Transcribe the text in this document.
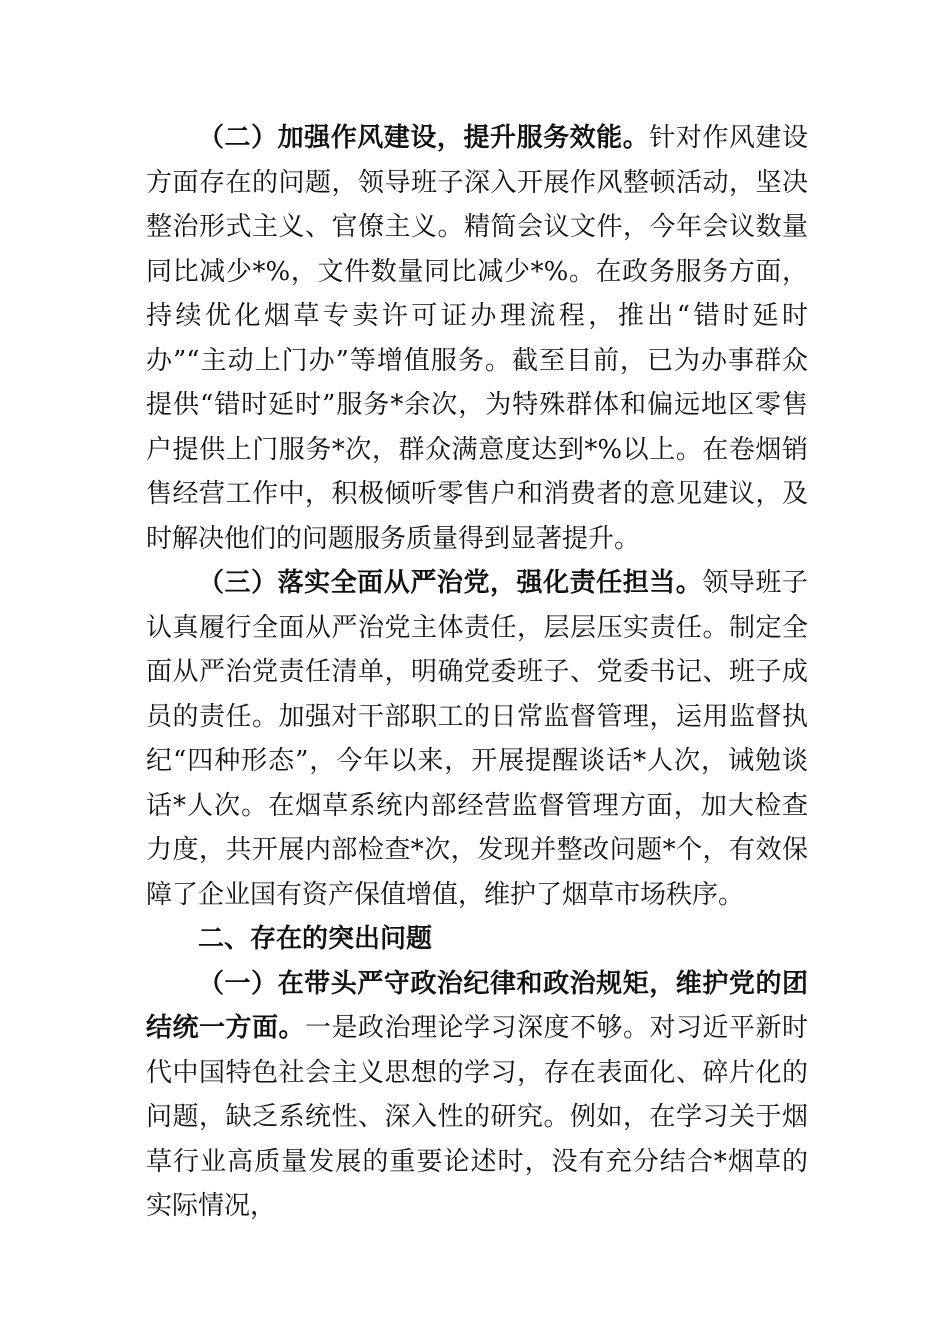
（二）加强作风建设，提升服务效能。针对作风建设方面存在的问题，领导班子深入开展作风整顿活动，坚决整治形式主义、官僚主义。精简会议文件，今年会议数量同比减少*%，文件数量同比减少*%。在政务服务方面，持续优化烟草专卖许可证办理流程，推出“错时延时办”“主动上门办”等增值服务。截至目前，已为办事群众提供“错时延时”服务*余次，为特殊群体和偏远地区零售户提供上门服务*次，群众满意度达到*%以上。在卷烟销售经营工作中，积极倾听零售户和消费者的意见建议，及时解决他们的问题服务质量得到显著提升。

（三）落实全面从严治党，强化责任担当。领导班子认真履行全面从严治党主体责任，层层压实责任。制定全面从严治党责任清单，明确党委班子、党委书记、班子成员的责任。加强对干部职工的日常监督管理，运用监督执纪“四种形态”，今年以来，开展提醒谈话*人次，诫勉谈话*人次。在烟草系统内部经营监督管理方面，加大检查力度，共开展内部检查*次，发现并整改问题*个，有效保障了企业国有资产保值增值，维护了烟草市场秩序。

二、存在的突出问题

（一）在带头严守政治纪律和政治规矩，维护党的团结统一方面。一是政治理论学习深度不够。对习近平新时代中国特色社会主义思想的学习，存在表面化、碎片化的问题，缺乏系统性、深入性的研究。例如，在学习关于烟草行业高质量发展的重要论述时，没有充分结合*烟草的实际情况，
